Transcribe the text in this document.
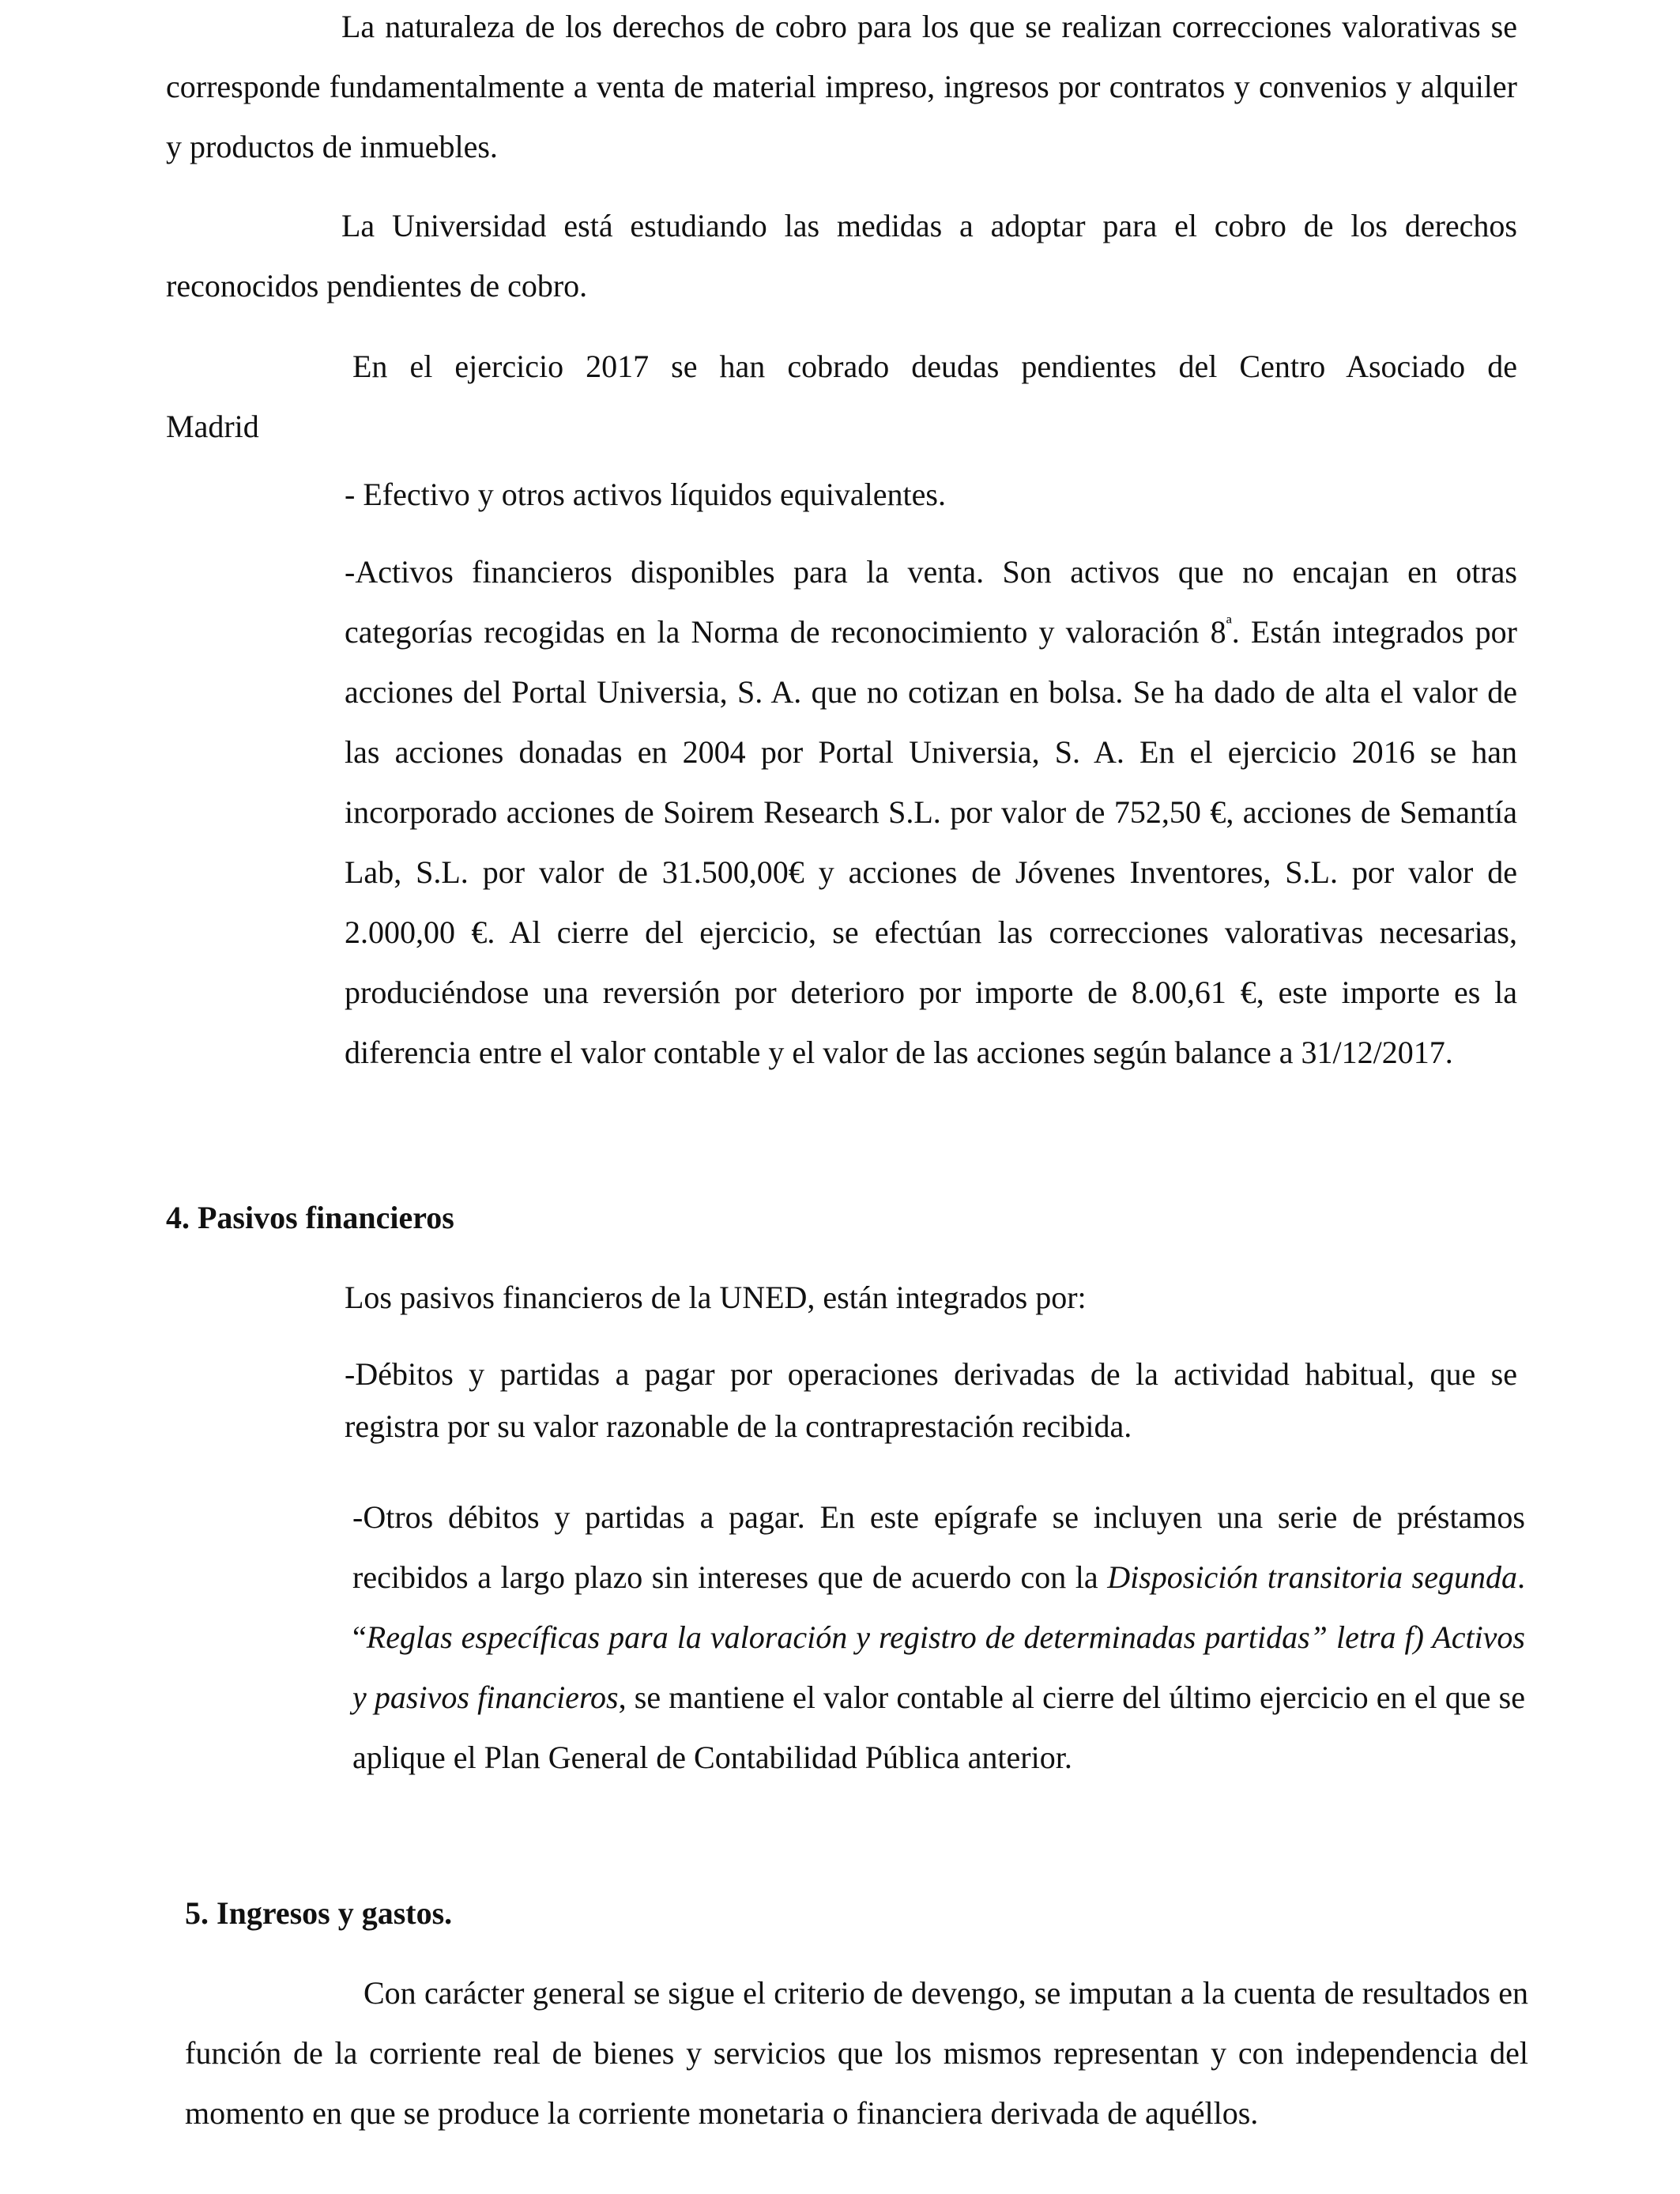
La naturaleza de los derechos de cobro para los que se realizan correcciones valorativas se corresponde fundamentalmente a venta de material impreso, ingresos por contratos y convenios y alquiler y productos de inmuebles.

La Universidad está estudiando las medidas a adoptar para el cobro de los derechos reconocidos pendientes de cobro.

En el ejercicio 2017 se han cobrado deudas pendientes del Centro Asociado de

Madrid

- Efectivo y otros activos líquidos equivalentes.

-Activos financieros disponibles para la venta. Son activos que no encajan en otras categorías recogidas en la Norma de reconocimiento y valoración $8^ª$. Están integrados por acciones del Portal Universia, S. A. que no cotizan en bolsa. Se ha dado de alta el valor de las acciones donadas en 2004 por Portal Universia, S. A. En el ejercicio 2016 se han incorporado acciones de Soirem Research S.L. por valor de 752,50 €, acciones de Semantía Lab, S.L. por valor de 31.500,00€ y acciones de Jóvenes Inventores, S.L. por valor de 2.000,00 €. Al cierre del ejercicio, se efectúan las correcciones valorativas necesarias, produciéndose una reversión por deterioro por importe de 8.00,61 €, este importe es la diferencia entre el valor contable y el valor de las acciones según balance a 31/12/2017.

4. Pasivos financieros

Los pasivos financieros de la UNED, están integrados por:

-Débitos y partidas a pagar por operaciones derivadas de la actividad habitual, que se registra por su valor razonable de la contraprestación recibida.

-Otros débitos y partidas a pagar. En este epígrafe se incluyen una serie de préstamos recibidos a largo plazo sin intereses que de acuerdo con la Disposición transitoria segunda. “Reglas específicas para la valoración y registro de determinadas partidas” letra f) Activos y pasivos financieros, se mantiene el valor contable al cierre del último ejercicio en el que se aplique el Plan General de Contabilidad Pública anterior.

5. Ingresos y gastos.

Con carácter general se sigue el criterio de devengo, se imputan a la cuenta de resultados en función de la corriente real de bienes y servicios que los mismos representan y con independencia del momento en que se produce la corriente monetaria o financiera derivada de aquéllos.
